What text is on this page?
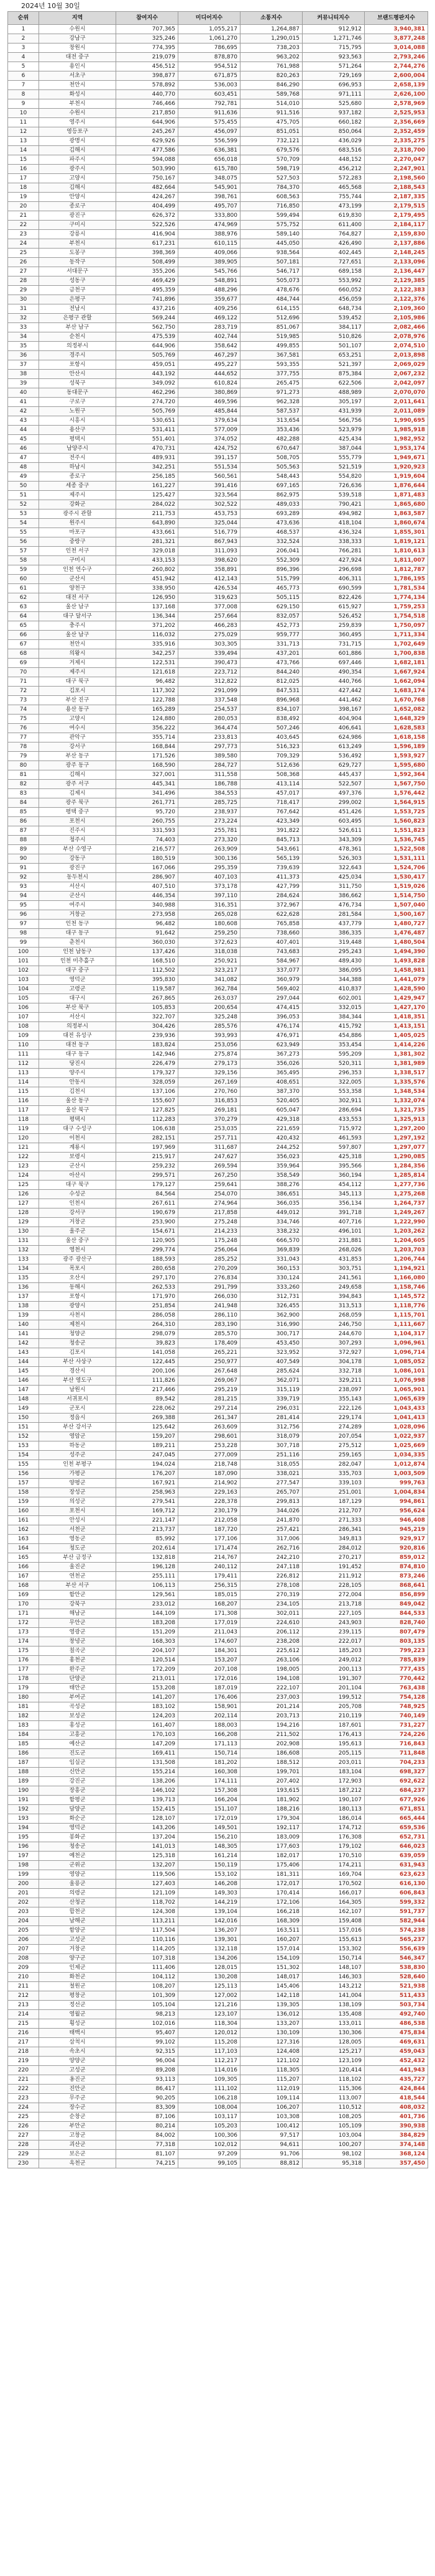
2024년 10월 30일
순위	지역	참여지수	미디어지수	소통지수	커뮤니티지수	브랜드평판지수
1	수원시	707,365	1,055,217	1,264,887	912,912	3,940,381
2	강남구	325,246	1,061,270	1,290,015	1,271,746	3,877,248
3	창원시	774,395	786,695	738,203	715,795	3,014,088
4	대전 중구	219,079	878,870	963,202	923,563	2,793,246
5	용인시	456,512	954,512	761,988	571,264	2,744,276
6	서초구	398,877	671,875	820,263	729,169	2,600,004
7	천안시	578,892	536,003	846,290	696,953	2,658,139
8	화성시	440,770	603,451	589,768	971,111	2,626,100
9	부천시	746,466	792,781	514,010	525,680	2,578,969
10	수원시	217,850	911,636	911,516	937,182	2,525,953
11	영주시	644,906	575,455	475,705	660,182	2,356,669
12	영등포구	245,267	456,097	851,051	850,064	2,352,459
13	광명시	629,926	556,599	732,121	436,029	2,335,275
14	김해시	477,586	636,381	679,576	683,516	2,318,700
15	파주시	594,088	656,018	570,709	448,152	2,270,047
16	광주시	503,990	615,780	598,719	456,212	2,247,901
17	고양시	750,167	348,075	527,503	572,283	2,198,560
18	김해시	482,664	545,901	784,370	465,568	2,188,543
19	안양시	424,267	398,761	608,563	755,744	2,187,335
20	종로구	404,499	495,707	716,850	473,199	2,179,515
21	광진구	626,372	333,800	599,494	619,830	2,179,495
22	구미시	522,526	474,969	575,752	611,400	2,184,117
23	강릉시	416,904	388,976	589,140	764,827	2,159,830
24	부천시	617,231	610,115	445,050	426,490	2,137,886
25	도봉구	398,369	409,066	938,564	402,445	2,148,245
26	동작구	508,499	389,905	507,181	727,651	2,133,096
27	서대문구	355,206	545,766	546,717	689,158	2,136,447
28	성동구	469,429	548,891	505,073	553,992	2,129,385
29	금천구	495,359	488,296	478,676	660,052	2,122,383
30	은평구	741,896	359,677	484,744	456,059	2,122,376
31	전남시	437,216	409,256	614,155	648,734	2,109,360
32	은평구 관할	569,244	469,122	512,696	539,452	2,105,986
33	부산 남구	562,750	283,719	851,067	384,117	2,082,466
34	순천시	475,539	402,744	519,985	510,826	2,078,976
35	의정부시	644,906	358,642	499,855	501,107	2,074,510
36	경주시	505,769	467,297	367,581	653,251	2,013,898
37	포항시	459,051	495,227	593,355	521,397	2,069,029
38	안산시	443,192	444,652	377,755	875,384	2,067,232
39	성북구	349,092	610,824	265,475	622,506	2,042,097
40	동대문구	462,296	380,869	971,273	488,989	2,070,070
41	구로구	274,720	469,596	962,328	305,197	2,011,641
42	노원구	505,769	485,844	587,537	431,939	2,011,089
43	시흥시	530,651	379,634	313,654	566,756	1,990,695
44	용산구	531,411	577,009	353,436	523,979	1,985,918
45	평택시	551,401	374,052	482,288	425,434	1,982,952
46	남양주시	470,731	424,752	670,647	387,044	1,953,174
47	전주시	489,931	391,157	508,705	555,779	1,949,671
48	하남시	342,251	551,534	505,563	521,519	1,920,923
49	종로구	256,185	560,561	548,443	554,820	1,919,604
50	세종 중구	161,227	391,416	697,165	726,636	1,876,644
51	제주시	125,427	323,564	862,975	539,518	1,871,483
52	강화군	284,022	302,522	489,033	790,421	1,865,680
53	광주시 관할	211,753	453,753	693,289	494,982	1,863,587
54	원주시	643,890	325,044	473,636	418,104	1,860,674
55	마포구	433,661	516,779	468,537	436,324	1,855,301
56	중랑구	281,321	867,943	332,524	338,333	1,819,121
57	인천 서구	329,018	311,093	206,041	766,281	1,810,613
58	구미시	433,153	398,620	552,309	427,924	1,811,007
59	인천 연수구	260,802	358,891	896,396	296,698	1,812,787
60	군산시	451,942	412,143	515,799	406,311	1,786,195
61	양천구	338,950	426,534	465,773	690,599	1,781,534
62	대전 서구	126,950	319,623	505,115	822,426	1,774,134
63	울산 남구	137,168	377,008	629,150	615,927	1,759,253
64	대구 달서구	136,344	257,664	832,057	526,452	1,754,518
65	충주시	371,202	466,283	452,773	259,839	1,750,097
66	울산 남구	116,032	275,029	959,777	360,495	1,711,334
67	천안시	335,916	303,305	331,713	731,715	1,702,649
68	의왕시	342,257	339,494	437,201	601,886	1,700,838
69	거제시	122,531	390,473	473,766	697,446	1,682,181
70	제주시	121,618	223,712	844,240	490,354	1,667,924
71	대구 북구	96,482	312,822	812,025	440,766	1,662,094
72	김포시	117,302	291,099	847,531	427,442	1,683,174
73	부산 진구	122,788	337,548	896,968	441,462	1,670,768
74	용산 동구	165,289	254,537	834,107	398,167	1,652,082
75	고양시	124,880	280,053	838,492	404,904	1,648,329
76	여수시	356,222	364,474	507,246	406,641	1,628,583
77	관악구	355,714	233,813	403,645	624,986	1,618,158
78	강서구	168,844	297,773	516,323	613,249	1,596,189
79	부산 동구	171,526	389,580	709,329	536,492	1,593,927
80	광주 동구	168,590	284,727	512,636	629,727	1,595,680
81	김해시	327,001	311,558	508,368	445,437	1,592,364
82	광주 서구	445,341	186,788	413,114	522,507	1,567,750
83	김제시	341,496	384,553	457,017	497,376	1,576,442
84	광주 북구	261,771	285,725	718,417	299,002	1,564,915
85	평택 중구	95,720	238,937	767,642	451,426	1,553,725
86	포천시	260,755	273,224	423,349	603,495	1,560,823
87	진주시	331,593	255,781	391,822	526,611	1,551,823
88	청주시	74,403	273,320	845,713	343,309	1,536,745
89	부산 수영구	216,577	263,909	543,661	478,361	1,522,508
90	강동구	180,519	300,136	565,139	526,303	1,531,111
91	광진구	167,066	295,359	739,639	322,643	1,524,706
92	동두천시	286,907	407,103	411,373	425,034	1,530,417
93	서산시	407,510	373,178	427,799	311,750	1,519,026
94	군산시	446,354	397,110	284,624	386,662	1,514,750
95	여주시	340,988	316,351	372,967	476,734	1,507,040
96	거창군	273,958	265,028	622,628	281,584	1,500,167
97	인천 동구	96,482	180,608	765,858	437,779	1,480,727
98	대구 동구	91,642	259,250	738,660	386,335	1,476,487
99	춘천시	360,030	372,623	407,401	319,448	1,480,504
100	인천 남동구	137,426	318,038	743,683	295,243	1,494,390
101	인천 미추홀구	168,510	250,921	584,967	489,430	1,493,828
102	대구 중구	112,502	323,217	337,077	386,095	1,458,981
103	영덕군	395,830	341,082	360,979	344,388	1,441,079
104	고령군	119,587	362,784	569,402	410,837	1,428,590
105	대구시	267,865	263,037	297,044	602,001	1,429,947
106	부산 북구	105,853	200,654	474,415	332,015	1,427,170
107	서산시	322,707	325,248	396,053	384,344	1,418,351
108	의정부시	304,426	285,576	476,174	415,792	1,413,151
109	대전 유성구	239,936	393,993	476,971	454,886	1,405,025
110	대전 동구	183,824	253,056	623,949	353,454	1,414,226
111	대구 동구	142,946	275,874	367,273	595,209	1,381,302
112	당진시	226,479	279,173	356,026	520,311	1,381,989
113	양주시	179,327	329,156	365,495	296,353	1,338,517
114	안동시	328,059	267,169	408,651	322,005	1,335,576
115	김천시	137,106	270,760	387,370	553,358	1,348,534
116	울산 동구	155,607	316,853	520,405	302,911	1,332,074
117	울산 북구	127,825	269,181	605,047	286,694	1,321,735
118	평택시	112,283	370,279	429,318	433,553	1,325,913
119	대구 수성구	106,638	253,035	221,659	715,972	1,297,200
120	이천시	282,151	257,711	420,432	461,593	1,297,192
121	계룡시	197,969	311,687	244,252	597,807	1,297,077
122	보령시	215,917	247,627	356,023	425,318	1,290,085
123	군산시	259,232	269,594	359,964	395,566	1,284,356
124	아산시	299,571	267,250	358,549	360,194	1,285,814
125	대구 북구	179,127	259,641	388,276	454,112	1,277,736
126	수성군	84,564	254,070	386,651	345,113	1,275,268
127	인천시	267,611	274,964	366,035	356,134	1,264,737
128	강서구	190,679	217,858	449,012	391,718	1,249,267
129	거창군	253,900	275,248	334,746	407,716	1,222,990
130	울주군	154,671	214,233	338,232	496,101	1,203,262
131	울산 중구	120,905	175,248	666,570	231,881	1,204,605
132	영천시	299,774	256,064	369,839	268,026	1,203,703
133	광주 광산구	188,593	285,252	331,043	431,853	1,206,744
134	목포시	280,658	270,209	360,153	303,751	1,194,921
135	오산시	297,170	276,834	330,124	241,561	1,166,080
136	동해시	262,533	291,799	333,260	249,658	1,158,746
137	포항시	171,970	266,030	312,731	394,843	1,145,572
138	광양시	251,854	241,948	326,455	313,513	1,118,776
139	사천시	286,058	286,110	362,900	268,059	1,115,701
140	제천시	264,310	283,190	316,990	246,750	1,111,667
141	청양군	298,079	285,570	300,717	244,670	1,104,317
142	청송군	39,823	178,409	453,450	307,293	1,096,961
143	김포시	141,058	265,221	323,952	372,927	1,096,714
144	부산 사상구	122,445	250,977	407,549	304,178	1,085,052
145	경산시	200,106	267,648	285,624	332,718	1,086,101
146	부산 영도구	111,826	269,067	362,071	329,211	1,076,998
147	남원시	217,466	295,219	315,119	238,097	1,065,901
148	서귀포시	89,542	281,215	339,719	355,143	1,065,639
149	군포시	228,062	297,214	296,031	222,126	1,043,433
150	정읍시	269,388	261,347	281,414	229,174	1,041,413
151	부산 강서구	125,642	263,609	312,756	274,289	1,028,096
152	영암군	159,207	298,601	318,079	207,054	1,022,937
153	하동군	189,211	253,228	307,718	275,512	1,025,669
154	성주군	247,045	277,009	251,116	259,165	1,034,335
155	인천 부평구	194,024	218,748	318,055	282,047	1,012,874
156	가평군	176,207	187,090	338,021	335,703	1,003,509
157	양평군	167,921	214,902	277,547	339,103	999,763
158	장성군	258,963	229,163	265,707	251,001	1,004,834
159	의성군	279,541	228,378	299,813	187,129	994,861
160	포천시	169,712	230,179	344,026	212,707	956,624
161	안성시	221,147	212,058	241,870	271,333	946,408
162	서천군	213,737	187,720	257,421	286,341	945,219
163	영동군	85,992	177,106	317,006	349,813	929,917
164	청도군	202,614	171,474	262,716	284,012	920,816
165	부산 금정구	132,818	214,767	242,210	270,217	859,012
166	울진군	196,128	240,112	247,118	191,452	874,810
167	연천군	255,111	179,411	226,812	211,912	873,246
168	부산 서구	106,113	256,315	278,108	228,105	868,641
169	함안군	129,561	185,015	270,319	272,004	856,899
170	강북구	233,012	168,207	234,105	213,718	849,042
171	해남군	144,109	171,308	302,011	227,105	844,533
172	무안군	183,208	177,019	224,610	243,903	828,740
173	영광군	151,209	211,043	206,112	239,115	807,479
174	창녕군	168,303	174,607	238,208	222,017	803,135
175	칠곡군	204,107	184,301	225,612	185,203	799,223
176	홍천군	120,514	153,207	263,106	249,012	785,839
177	완주군	172,209	207,108	198,005	200,113	777,435
178	단양군	213,011	172,016	194,108	191,307	770,442
179	태안군	153,208	187,019	222,107	201,104	763,438
180	부여군	141,207	176,406	237,003	199,512	754,128
181	곡성군	183,102	158,901	201,214	205,708	748,925
182	보성군	124,203	202,114	203,713	210,119	740,149
183	홍성군	161,407	188,003	194,216	187,601	731,227
184	고흥군	170,103	166,208	211,502	176,413	724,226
185	예산군	147,209	171,113	202,908	195,613	716,843
186	진도군	169,411	150,714	186,608	205,115	711,848
187	임실군	131,508	181,202	188,512	203,011	704,233
188	신안군	155,214	160,308	199,701	183,104	698,327
189	강진군	138,206	174,111	207,402	172,903	692,622
190	장흥군	146,102	157,308	193,615	187,212	684,237
191	함평군	139,713	166,204	181,902	190,107	677,926
192	담양군	152,415	151,107	188,216	180,113	671,851
193	화순군	128,107	172,019	179,304	186,014	665,444
194	영덕군	143,206	149,501	192,117	174,712	659,536
195	봉화군	137,204	156,210	183,009	176,308	652,731
196	청송군	141,013	148,305	177,603	179,102	646,023
197	예천군	125,318	161,214	182,017	170,510	639,059
198	군위군	132,207	150,119	175,406	174,211	631,943
199	영양군	119,506	153,102	181,311	169,704	623,623
200	울릉군	127,403	146,208	172,017	170,502	616,130
201	의령군	121,109	149,303	170,414	166,017	606,843
202	산청군	118,702	144,219	172,106	164,305	599,332
203	합천군	124,308	139,104	166,218	162,107	591,737
204	남해군	113,211	142,016	168,309	159,408	582,944
205	함양군	117,504	136,207	163,511	157,016	574,238
206	고성군	110,116	139,301	160,207	155,613	565,237
207	거창군	114,205	132,118	157,014	153,302	556,639
208	양구군	107,318	134,206	154,109	150,714	546,347
209	인제군	111,406	128,015	151,302	148,107	538,830
210	화천군	104,112	130,208	148,017	146,303	528,640
211	철원군	108,207	125,113	145,406	143,212	521,938
212	평창군	101,309	127,002	142,118	141,004	511,433
213	정선군	105,104	121,216	139,305	138,109	503,734
214	영월군	98,213	123,107	136,012	135,408	492,740
215	횡성군	102,016	118,304	133,207	133,011	486,538
216	태백시	95,407	120,012	130,109	130,306	475,834
217	삼척시	99,102	115,208	127,316	128,005	469,631
218	속초시	92,315	117,103	124,408	125,217	459,043
219	양양군	96,004	112,217	121,102	123,109	452,432
220	고성군	89,208	114,016	118,305	120,414	441,943
221	옹진군	93,113	109,305	115,207	118,102	435,727
222	진안군	86,417	111,102	112,019	115,306	424,844
223	무주군	90,205	106,218	109,114	113,007	418,544
224	장수군	83,309	108,004	106,207	110,512	408,032
225	순창군	87,106	103,117	103,308	108,205	401,736
226	부안군	80,214	105,203	100,412	105,109	390,938
227	고창군	84,002	100,306	97,517	103,004	384,829
228	괴산군	77,318	102,012	94,611	100,207	374,148
229	보은군	81,107	97,209	91,706	98,102	368,124
230	옥천군	74,215	99,105	88,812	95,318	357,450
